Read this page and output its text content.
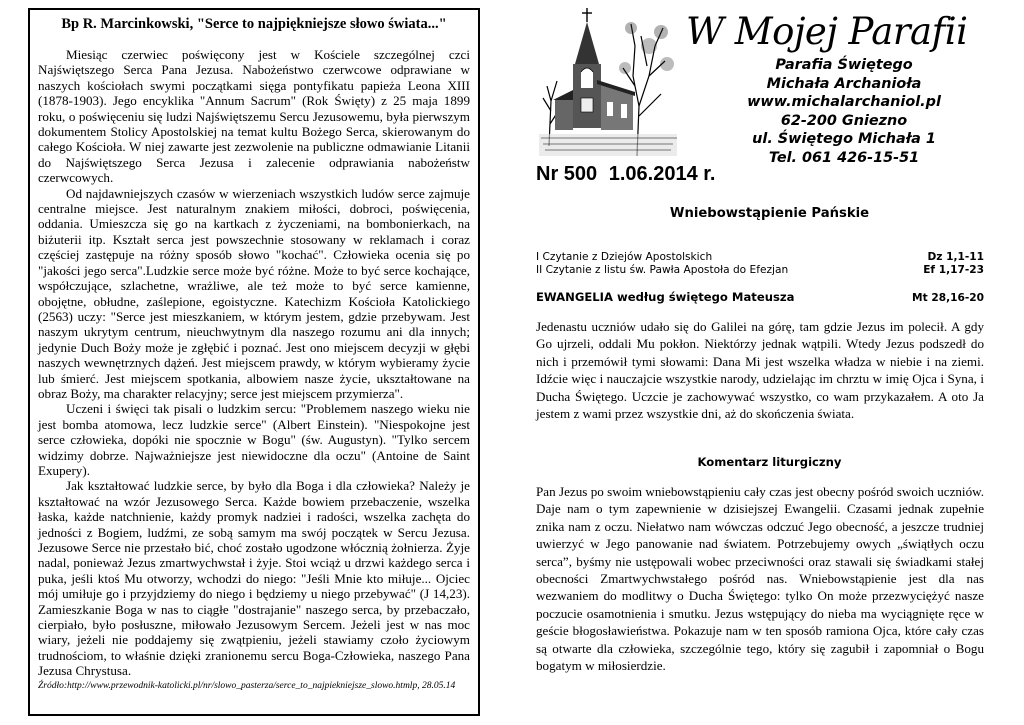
Bp R. Marcinkowski, "Serce to najpiękniejsze słowo świata..."

Miesiąc czerwiec poświęcony jest w Kościele szczególnej czci Najświętszego Serca Pana Jezusa. Nabożeństwo czerwcowe odprawiane w naszych kościołach swymi początkami sięga pontyfikatu papieża Leona XIII (1878-1903). Jego encyklika "Annum Sacrum" (Rok Święty) z 25 maja 1899 roku, o poświęceniu się ludzi Najświętszemu Sercu Jezusowemu, była pierwszym dokumentem Stolicy Apostolskiej na temat kultu Bożego Serca, skierowanym do całego Kościoła. W niej zawarte jest zezwolenie na publiczne odmawianie Litanii do Najświętszego Serca Jezusa i zalecenie odprawiania nabożeństw czerwcowych.

Od najdawniejszych czasów w wierzeniach wszystkich ludów serce zajmuje centralne miejsce. Jest naturalnym znakiem miłości, dobroci, poświęcenia, oddania. Umieszcza się go na kartkach z życzeniami, na bombonierkach, na biżuterii itp. Kształt serca jest powszechnie stosowany w reklamach i coraz częściej zastępuje na różny sposób słowo "kochać". Człowieka ocenia się po "jakości jego serca".Ludzkie serce może być różne. Może to być serce kochające, współczujące, szlachetne, wrażliwe, ale też może to być serce kamienne, obojętne, obłudne, zaślepione, egoistyczne. Katechizm Kościoła Katolickiego (2563) uczy: "Serce jest mieszkaniem, w którym jestem, gdzie przebywam. Jest naszym ukrytym centrum, nieuchwytnym dla naszego rozumu ani dla innych; jedynie Duch Boży może je zgłębić i poznać. Jest ono miejscem decyzji w głębi naszych wewnętrznych dążeń. Jest miejscem prawdy, w którym wybieramy życie lub śmierć. Jest miejscem spotkania, albowiem nasze życie, ukształtowane na obraz Boży, ma charakter relacyjny; serce jest miejscem przymierza".

Uczeni i święci tak pisali o ludzkim sercu: "Problemem naszego wieku nie jest bomba atomowa, lecz ludzkie serce" (Albert Einstein). "Niespokojne jest serce człowieka, dopóki nie spocznie w Bogu" (św. Augustyn). "Tylko sercem widzimy dobrze. Najważniejsze jest niewidoczne dla oczu" (Antoine de Saint Exupery).

Jak kształtować ludzkie serce, by było dla Boga i dla człowieka? Należy je kształtować na wzór Jezusowego Serca. Każde bowiem przebaczenie, wszelka łaska, każde natchnienie, każdy promyk nadziei i radości, wszelka zachęta do jedności z Bogiem, ludźmi, ze sobą samym ma swój początek w Sercu Jezusa. Jezusowe Serce nie przestało bić, choć zostało ugodzone włócznią żołnierza. Żyje nadal, ponieważ Jezus zmartwychwstał i żyje. Stoi wciąż u drzwi każdego serca i puka, jeśli ktoś Mu otworzy, wchodzi do niego: "Jeśli Mnie kto miłuje... Ojciec mój umiłuje go i przyjdziemy do niego i będziemy u niego przebywać" (J 14,23). Zamieszkanie Boga w nas to ciągłe "dostrajanie" naszego serca, by przebaczało, cierpiało, było posłuszne, miłowało Jezusowym Sercem. Jeżeli jest w nas moc wiary, jeżeli nie poddajemy się zwątpieniu, jeżeli stawiamy czoło życiowym trudnościom, to właśnie dzięki zranionemu sercu Boga-Człowieka, naszego Pana Jezusa Chrystusa.

Źródło:http://www.przewodnik-katolicki.pl/nr/slowo_pasterza/serce_to_najpiekniejsze_slowo.htmlp, 28.05.14
W Mojej Parafii
Parafia Świętego
Michała Archanioła
www.michalarchaniol.pl
62-200 Gniezno
ul. Świętego Michała 1
Tel. 061 426-15-51
Nr 500 1.06.2014 r.
Wniebowstąpienie Pańskie
I Czytanie z Dziejów Apostolskich	Dz 1,1-11
II Czytanie z listu św. Pawła Apostoła do Efezjan	Ef 1,17-23
EWANGELIA według świętego Mateusza	Mt 28,16-20

Jedenastu uczniów udało się do Galilei na górę, tam gdzie Jezus im polecił. A gdy Go ujrzeli, oddali Mu pokłon. Niektórzy jednak wątpili. Wtedy Jezus podszedł do nich i przemówił tymi słowami: Dana Mi jest wszelka władza w niebie i na ziemi. Idźcie więc i nauczajcie wszystkie narody, udzielając im chrztu w imię Ojca i Syna, i Ducha Świętego. Uczcie je zachowywać wszystko, co wam przykazałem. A oto Ja jestem z wami przez wszystkie dni, aż do skończenia świata.

Komentarz liturgiczny

Pan Jezus po swoim wniebowstąpieniu cały czas jest obecny pośród swoich uczniów. Daje nam o tym zapewnienie w dzisiejszej Ewangelii. Czasami jednak zupełnie znika nam z oczu. Niełatwo nam wówczas odczuć Jego obecność, a jeszcze trudniej uwierzyć w Jego panowanie nad światem. Potrzebujemy owych „świątłych oczu serca”, byśmy nie ustępowali wobec przeciwności oraz stawali się świadkami stałej obecności Zmartwychwstałego pośród nas. Wniebowstąpienie jest dla nas wezwaniem do modlitwy o Ducha Świętego: tylko On może przezwyciężyć nasze poczucie osamotnienia i smutku. Jezus wstępujący do nieba ma wyciągnięte ręce w geście błogosławieństwa. Pokazuje nam w ten sposób ramiona Ojca, które cały czas są otwarte dla człowieka, szczególnie tego, który się zagubił i zapomniał o Bogu bogatym w miłosierdzie.
